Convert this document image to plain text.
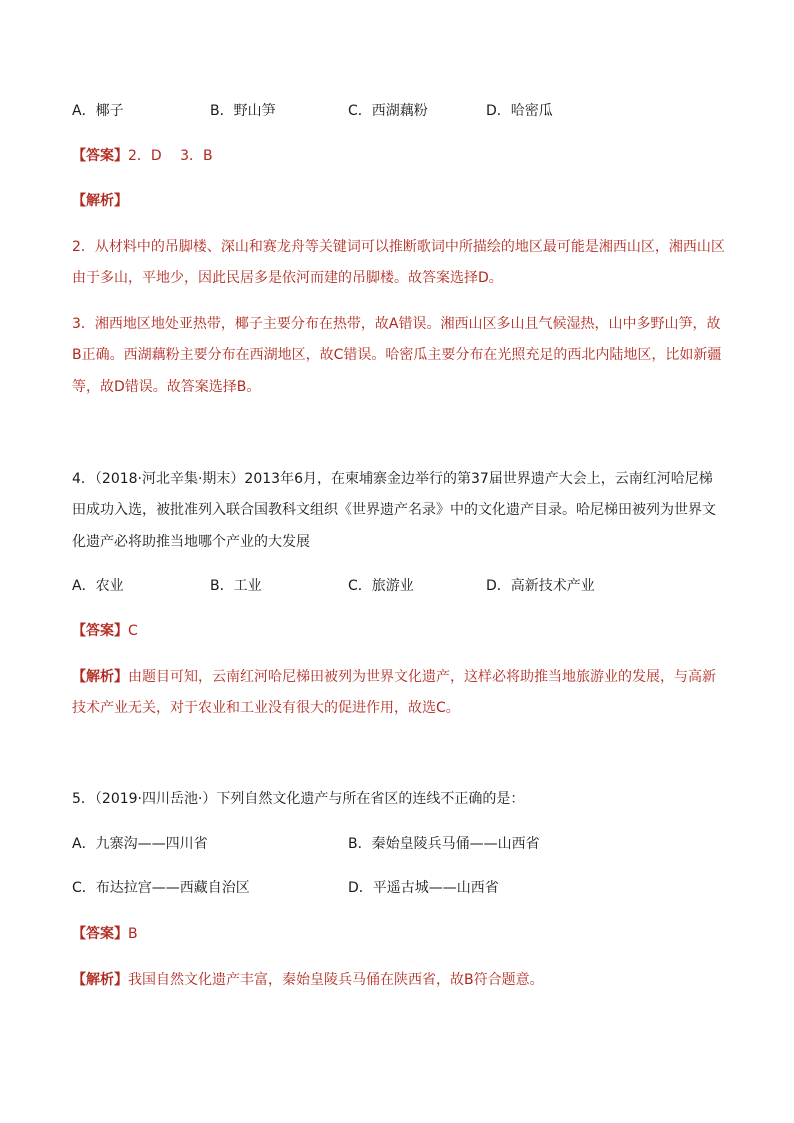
A．椰子	B．野山笋	C．西湖藕粉	D．哈密瓜
【答案】2．D　 3．B
【解析】
2．从材料中的吊脚楼、深山和赛龙舟等关键词可以推断歌词中所描绘的地区最可能是湘西山区，湘西山区
由于多山，平地少，因此民居多是依河而建的吊脚楼。故答案选择D。
3．湘西地区地处亚热带，椰子主要分布在热带，故A错误。湘西山区多山且气候湿热，山中多野山笋，故
B正确。西湖藕粉主要分布在西湖地区，故C错误。哈密瓜主要分布在光照充足的西北内陆地区，比如新疆
等，故D错误。故答案选择B。
4．（2018·河北辛集·期末）2013年6月，在柬埔寨金边举行的第37届世界遗产大会上，云南红河哈尼梯
田成功入选，被批准列入联合国教科文组织《世界遗产名录》中的文化遗产目录。哈尼梯田被列为世界文
化遗产必将助推当地哪个产业的大发展
A．农业	B．工业	C．旅游业	D．高新技术产业
【答案】C
【解析】由题目可知，云南红河哈尼梯田被列为世界文化遗产，这样必将助推当地旅游业的发展，与高新
技术产业无关，对于农业和工业没有很大的促进作用，故选C。
5．（2019·四川岳池·）下列自然文化遗产与所在省区的连线不正确的是：
A．九寨沟——四川省	B．秦始皇陵兵马俑——山西省
C．布达拉宫——西藏自治区	D．平遥古城——山西省
【答案】B
【解析】我国自然文化遗产丰富，秦始皇陵兵马俑在陕西省，故B符合题意。
